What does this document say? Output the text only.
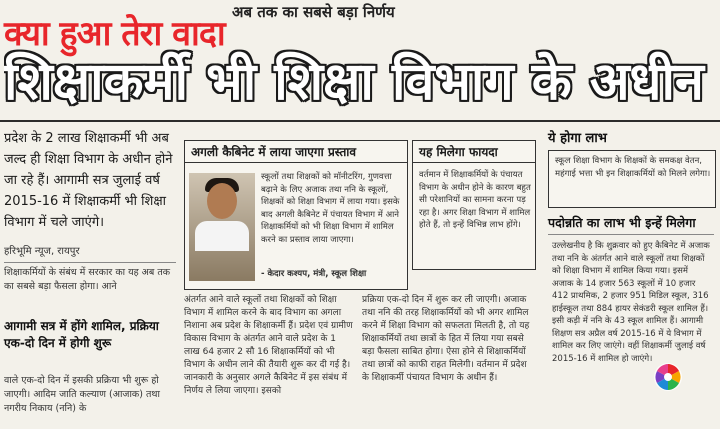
अब तक का सबसे बड़ा निर्णय
क्या हुआ तेरा वादा
शिक्षाकर्मी भी शिक्षा विभाग के अधीन
प्रदेश के 2 लाख शिक्षाकर्मी भी अब जल्द ही शिक्षा विभाग के अधीन होने जा रहे हैं। आगामी सत्र जुलाई वर्ष 2015-16 में शिक्षाकर्मी भी शिक्षा विभाग में चले जाएंगे।
हरिभूमि न्यूज, रायपुर
शिक्षाकर्मियों के संबंध में सरकार का यह अब तक का सबसे बड़ा फैसला होगा। आने
आगामी सत्र में होंगे शामिल, प्रक्रिया एक-दो दिन में होगी शुरू
वाले एक-दो दिन में इसकी प्रक्रिया भी शुरू हो जाएगी। आदिम जाति कल्याण (आजाक) तथा नगरीय निकाय (ननि) के
अगली कैबिनेट में लाया जाएगा प्रस्ताव
स्कूलों तथा शिक्षकों को मॉनीटरिंग, गुणवत्ता बढ़ाने के लिए अजाक तथा ननि के स्कूलों, शिक्षकों को शिक्षा विभाग में लाया गया। इसके बाद अगली कैबिनेट में पंचायत विभाग में आने शिक्षाकर्मियों को भी शिक्षा विभाग में शामिल करने का प्रस्ताव लाया जाएगा।
- केदार कश्यप, मंत्री, स्कूल शिक्षा
यह मिलेगा फायदा
वर्तमान में शिक्षाकर्मियों के पंचायत विभाग के अधीन होने के कारण बहुत सी परेशानियों का सामना करना पड़ रहा है। अगर शिक्षा विभाग में शामिल होते हैं, तो इन्हें विभिन्न लाभ होंगे।
अंतर्गत आने वाले स्कूलों तथा शिक्षकों को शिक्षा विभाग में शामिल करने के बाद विभाग का अगला निशाना अब प्रदेश के शिक्षाकर्मी हैं। प्रदेश एवं ग्रामीण विकास विभाग के अंतर्गत आने वाले प्रदेश के 1 लाख 64 हजार 2 सौ 16 शिक्षाकर्मियों को भी विभाग के अधीन लाने की तैयारी शुरू कर दी गई है। जानकारी के अनुसार अगले कैबिनेट में इस संबंध में निर्णय ले लिया जाएगा। इसको
प्रक्रिया एक-दो दिन में शुरू कर ली जाएगी। अजाक तथा ननि की तरह शिक्षाकर्मियों को भी अगर शामिल करने में शिक्षा विभाग को सफलता मिलती है, तो यह शिक्षाकर्मियों तथा छात्रों के हित में लिया गया सबसे बड़ा फैसला साबित होगा। ऐसा होने से शिक्षाकर्मियों तथा छात्रों को काफी राहत मिलेगी। वर्तमान में प्रदेश के शिक्षाकर्मी पंचायत विभाग के अधीन हैं।
ये होगा लाभ
स्कूल शिक्षा विभाग के शिक्षकों के समकक्ष वेतन, महंगाई भत्ता भी इन शिक्षाकर्मियों को मिलने लगेगा।
पदोन्नति का लाभ भी इन्हें मिलेगा
उल्लेखनीय है कि शुक्रवार को हुए कैबिनेट में अजाक तथा ननि के अंतर्गत आने वाले स्कूलों तथा शिक्षकों को शिक्षा विभाग में शामिल किया गया। इसमें अजाक के 14 हजार 563 स्कूलों में 10 हजार 412 प्राथमिक, 2 हजार 951 मिडिल स्कूल, 316 हाईस्कूल तथा 884 हायर सेकंडरी स्कूल शामिल हैं। इसी कड़ी में ननि के 43 स्कूल शामिल हैं। आगामी शिक्षण सत्र अप्रैल वर्ष 2015-16 में ये विभाग में शामिल कर लिए जाएंगे। वहीं शिक्षाकर्मी जुलाई वर्ष 2015-16 में शामिल हो जाएंगे।
